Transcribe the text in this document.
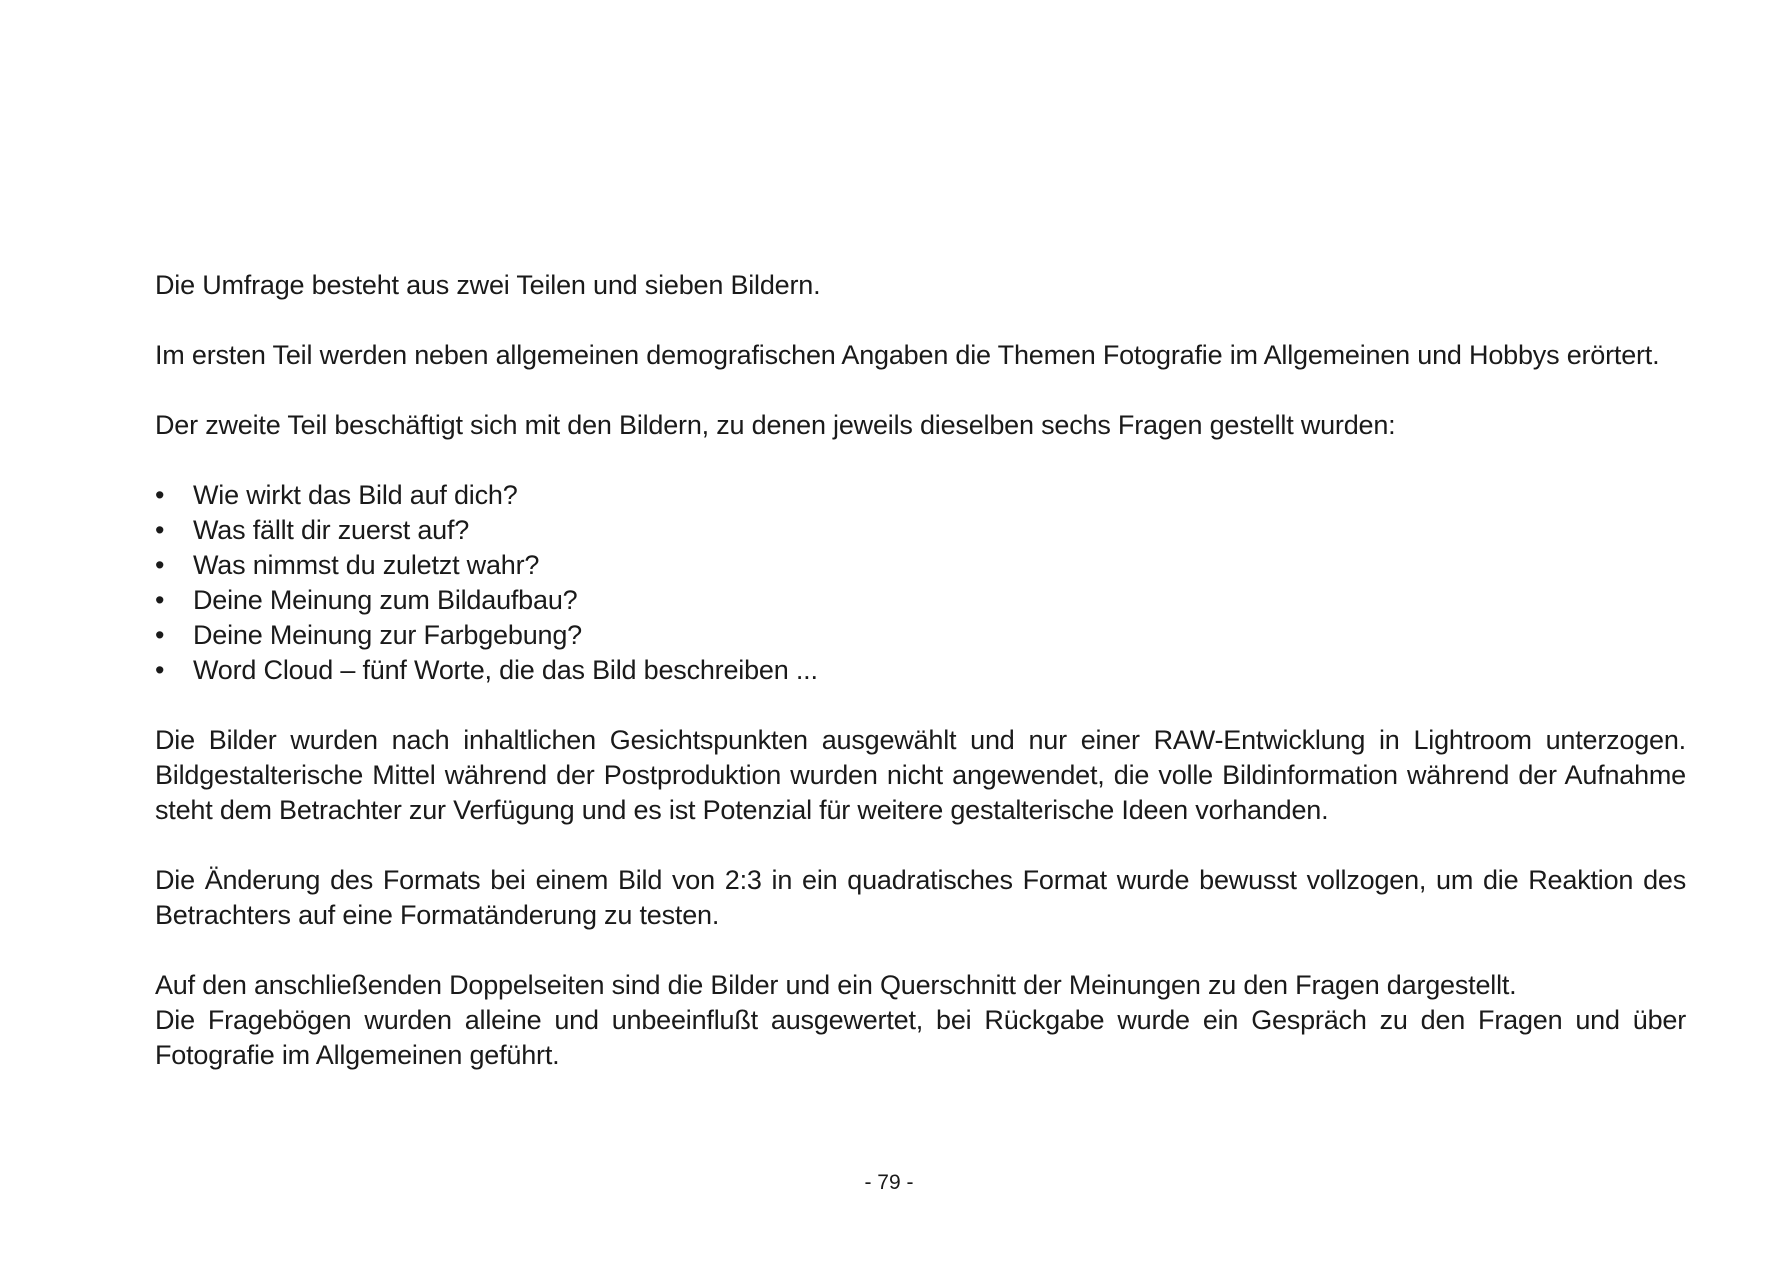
Die Umfrage besteht aus zwei Teilen und sieben Bildern.

Im ersten Teil werden neben allgemeinen demografischen Angaben die Themen Fotografie im Allgemeinen und Hobbys erörtert.

Der zweite Teil beschäftigt sich mit den Bildern, zu denen jeweils dieselben sechs Fragen gestellt wurden:

• Wie wirkt das Bild auf dich?
• Was fällt dir zuerst auf?
• Was nimmst du zuletzt wahr?
• Deine Meinung zum Bildaufbau?
• Deine Meinung zur Farbgebung?
• Word Cloud – fünf Worte, die das Bild beschreiben ...

Die Bilder wurden nach inhaltlichen Gesichtspunkten ausgewählt und nur einer RAW-Entwicklung in Lightroom unterzogen. Bildgestalterische Mittel während der Postproduktion wurden nicht angewendet, die volle Bildinformation während der Aufnahme steht dem Betrachter zur Verfügung und es ist Potenzial für weitere gestalterische Ideen vorhanden.

Die Änderung des Formats bei einem Bild von 2:3 in ein quadratisches Format wurde bewusst vollzogen, um die Reaktion des Betrachters auf eine Formatänderung zu testen.

Auf den anschließenden Doppelseiten sind die Bilder und ein Querschnitt der Meinungen zu den Fragen dargestellt.

Die Fragebögen wurden alleine und unbeeinflußt ausgewertet, bei Rückgabe wurde ein Gespräch zu den Fragen und über Fotografie im Allgemeinen geführt.

- 79 -
